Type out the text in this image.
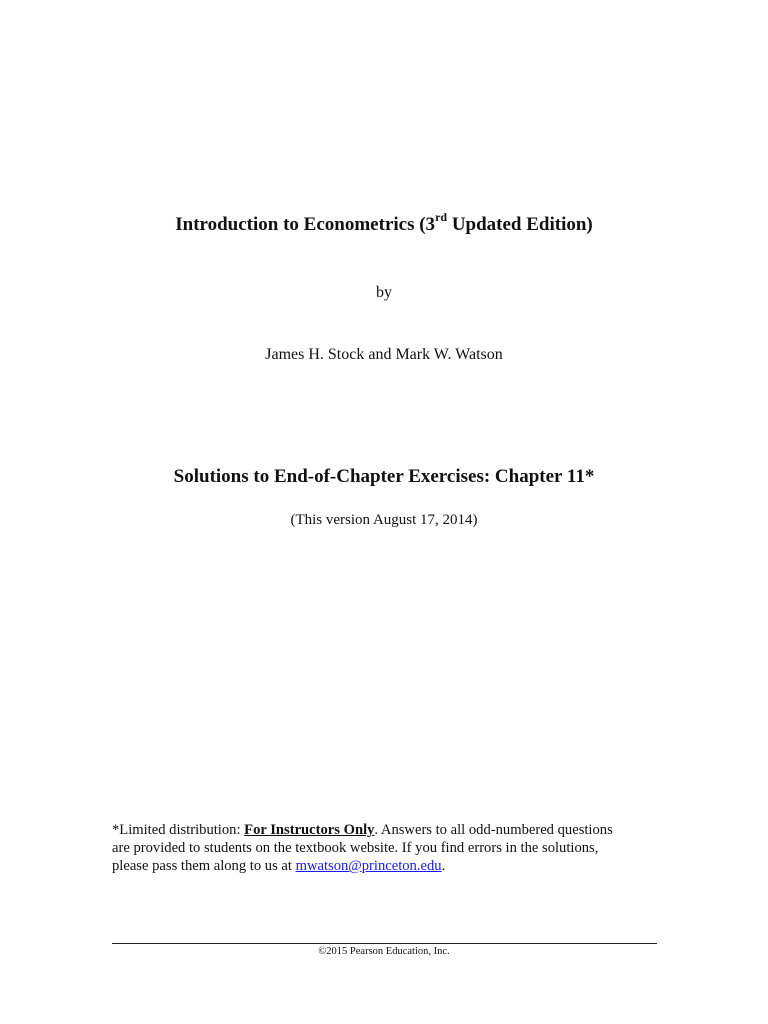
Introduction to Econometrics (3rd Updated Edition)
by
James H. Stock and Mark W. Watson
Solutions to End-of-Chapter Exercises: Chapter 11*
(This version August 17, 2014)
*Limited distribution: For Instructors Only. Answers to all odd-numbered questions
are provided to students on the textbook website. If you find errors in the solutions,
please pass them along to us at mwatson@princeton.edu.
©2015 Pearson Education, Inc.
